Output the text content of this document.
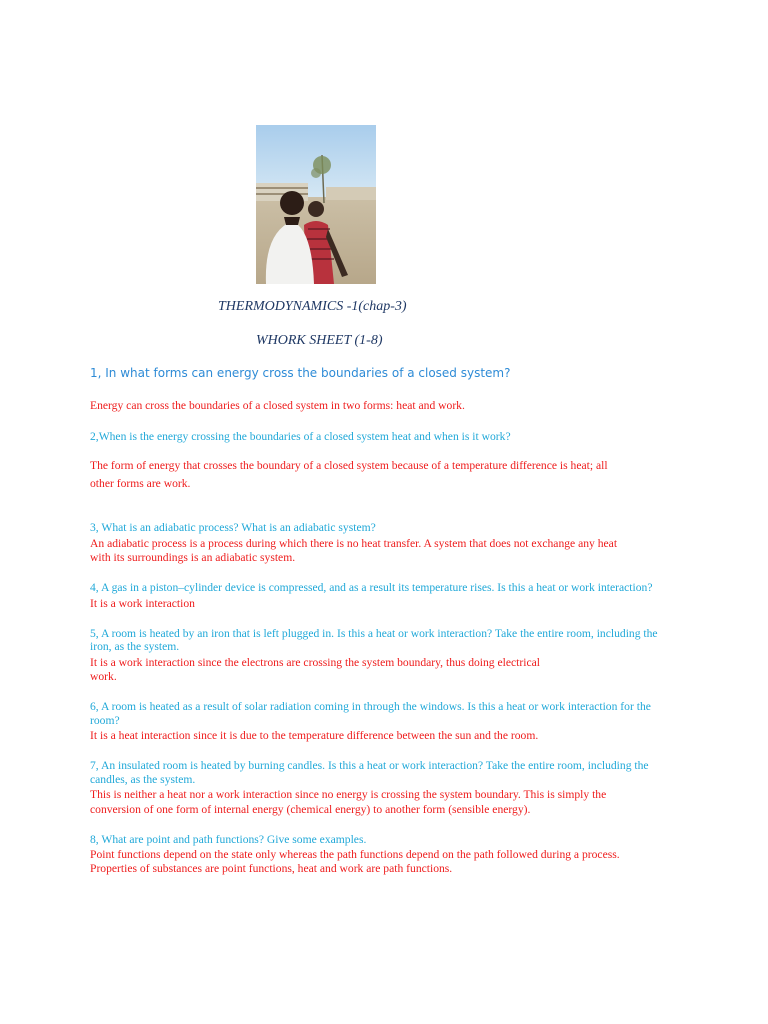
THERMODYNAMICS -1(chap-3)
WHORK SHEET (1-8)
1, In what forms can energy cross the boundaries of a closed system?
Energy can cross the boundaries of a closed system in two forms: heat and work.
2,When is the energy crossing the boundaries of a closed system heat and when is it work?
The form of energy that crosses the boundary of a closed system because of a temperature difference is heat; all
other forms are work.
3, What is an adiabatic process? What is an adiabatic system?
An adiabatic process is a process during which there is no heat transfer. A system that does not exchange any heat
with its surroundings is an adiabatic system.
4, A gas in a piston–cylinder device is compressed, and as a result its temperature rises. Is this a heat or work interaction?
It is a work interaction
5, A room is heated by an iron that is left plugged in. Is this a heat or work interaction? Take the entire room, including the
iron, as the system.
It is a work interaction since the electrons are crossing the system boundary, thus doing electrical
work.
6, A room is heated as a result of solar radiation coming in through the windows. Is this a heat or work interaction for the
room?
It is a heat interaction since it is due to the temperature difference between the sun and the room.
7, An insulated room is heated by burning candles. Is this a heat or work interaction? Take the entire room, including the
candles, as the system.
This is neither a heat nor a work interaction since no energy is crossing the system boundary. This is simply the
conversion of one form of internal energy (chemical energy) to another form (sensible energy).
8, What are point and path functions? Give some examples.
Point functions depend on the state only whereas the path functions depend on the path followed during a process.
Properties of substances are point functions, heat and work are path functions.
